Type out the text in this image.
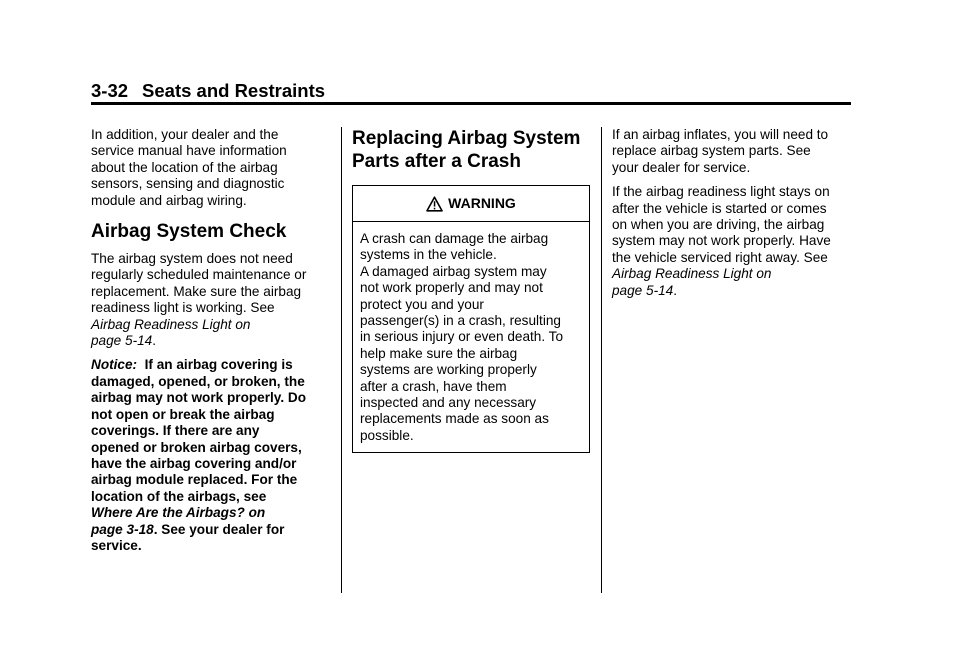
3-32 Seats and Restraints

In addition, your dealer and the
service manual have information
about the location of the airbag
sensors, sensing and diagnostic
module and airbag wiring.

Airbag System Check

The airbag system does not need
regularly scheduled maintenance or
replacement. Make sure the airbag
readiness light is working. See
Airbag Readiness Light on
page 5-14.

Notice: If an airbag covering is
damaged, opened, or broken, the
airbag may not work properly. Do
not open or break the airbag
coverings. If there are any
opened or broken airbag covers,
have the airbag covering and/or
airbag module replaced. For the
location of the airbags, see
Where Are the Airbags? on
page 3-18. See your dealer for
service.

Replacing Airbag System
Parts after a Crash
WARNING
A crash can damage the airbag
systems in the vehicle.
A damaged airbag system may
not work properly and may not
protect you and your
passenger(s) in a crash, resulting
in serious injury or even death. To
help make sure the airbag
systems are working properly
after a crash, have them
inspected and any necessary
replacements made as soon as
possible.

If an airbag inflates, you will need to
replace airbag system parts. See
your dealer for service.

If the airbag readiness light stays on
after the vehicle is started or comes
on when you are driving, the airbag
system may not work properly. Have
the vehicle serviced right away. See
Airbag Readiness Light on
page 5-14.
